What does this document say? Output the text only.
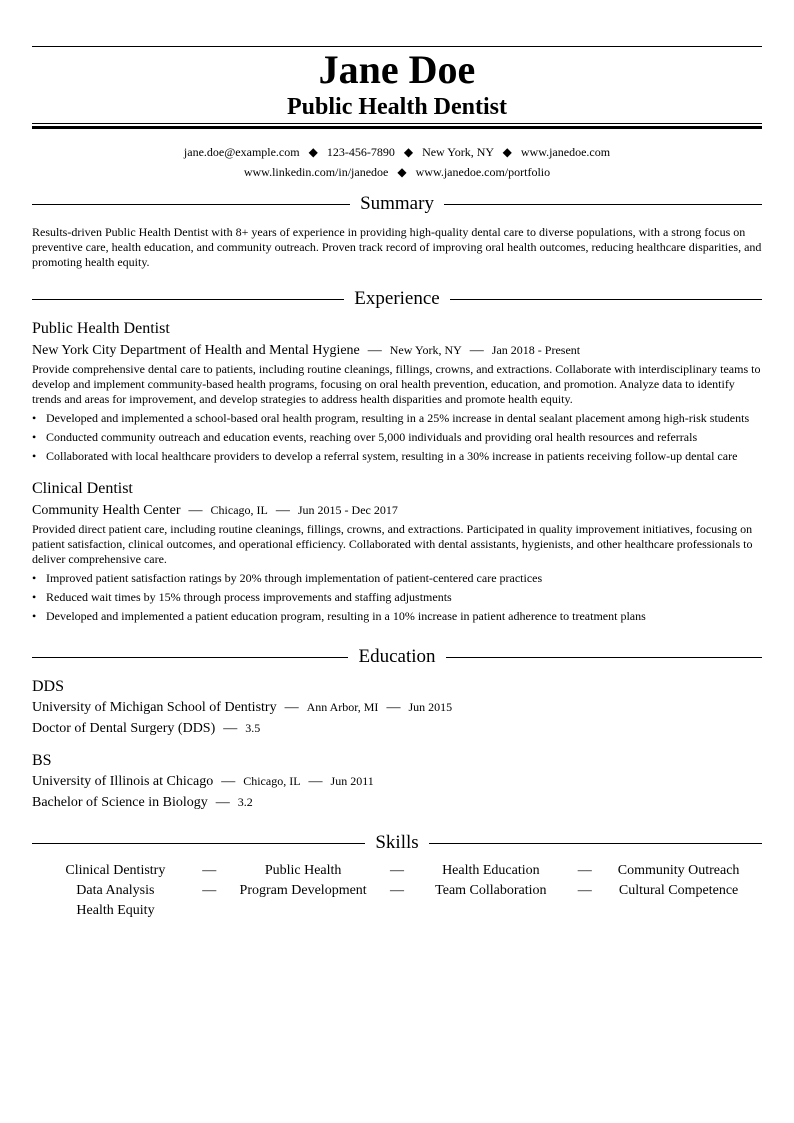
Jane Doe
Public Health Dentist
jane.doe@example.com ◆ 123-456-7890 ◆ New York, NY ◆ www.janedoe.com
www.linkedin.com/in/janedoe ◆ www.janedoe.com/portfolio
Summary
Results-driven Public Health Dentist with 8+ years of experience in providing high-quality dental care to diverse populations, with a strong focus on preventive care, health education, and community outreach. Proven track record of improving oral health outcomes, reducing healthcare disparities, and promoting health equity.
Experience
Public Health Dentist
New York City Department of Health and Mental Hygiene — New York, NY — Jan 2018 - Present
Provide comprehensive dental care to patients, including routine cleanings, fillings, crowns, and extractions. Collaborate with interdisciplinary teams to develop and implement community-based health programs, focusing on oral health prevention, education, and promotion. Analyze data to identify trends and areas for improvement, and develop strategies to address health disparities and promote health equity.
• Developed and implemented a school-based oral health program, resulting in a 25% increase in dental sealant placement among high-risk students
• Conducted community outreach and education events, reaching over 5,000 individuals and providing oral health resources and referrals
• Collaborated with local healthcare providers to develop a referral system, resulting in a 30% increase in patients receiving follow-up dental care
Clinical Dentist
Community Health Center — Chicago, IL — Jun 2015 - Dec 2017
Provided direct patient care, including routine cleanings, fillings, crowns, and extractions. Participated in quality improvement initiatives, focusing on patient satisfaction, clinical outcomes, and operational efficiency. Collaborated with dental assistants, hygienists, and other healthcare professionals to deliver comprehensive care.
• Improved patient satisfaction ratings by 20% through implementation of patient-centered care practices
• Reduced wait times by 15% through process improvements and staffing adjustments
• Developed and implemented a patient education program, resulting in a 10% increase in patient adherence to treatment plans
Education
DDS
University of Michigan School of Dentistry — Ann Arbor, MI — Jun 2015
Doctor of Dental Surgery (DDS) — 3.5
BS
University of Illinois at Chicago — Chicago, IL — Jun 2011
Bachelor of Science in Biology — 3.2
Skills
Clinical Dentistry	—	Public Health	—	Health Education	—	Community Outreach
Data Analysis	—	Program Development	—	Team Collaboration	—	Cultural Competence
Health Equity
